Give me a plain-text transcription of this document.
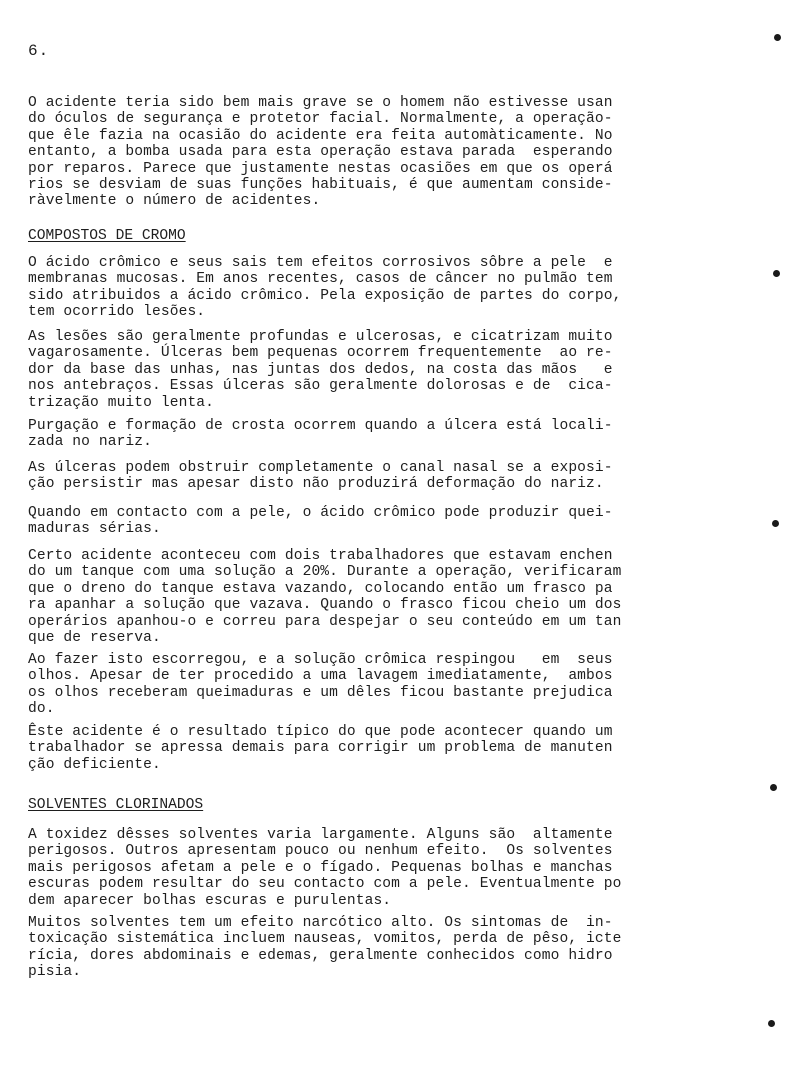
6.
O acidente teria sido bem mais grave se o homem não estivesse usan
do óculos de segurança e protetor facial. Normalmente, a operação-
que êle fazia na ocasião do acidente era feita automàticamente. No
entanto, a bomba usada para esta operação estava parada  esperando
por reparos. Parece que justamente nestas ocasiões em que os operá
rios se desviam de suas funções habituais, é que aumentam conside-
ràvelmente o número de acidentes.
COMPOSTOS DE CROMO
O ácido crômico e seus sais tem efeitos corrosivos sôbre a pele  e
membranas mucosas. Em anos recentes, casos de câncer no pulmão tem
sido atribuidos a ácido crômico. Pela exposição de partes do corpo,
tem ocorrido lesões.
As lesões são geralmente profundas e ulcerosas, e cicatrizam muito
vagarosamente. Úlceras bem pequenas ocorrem frequentemente  ao re-
dor da base das unhas, nas juntas dos dedos, na costa das mãos   e
nos antebraços. Essas úlceras são geralmente dolorosas e de  cica-
trização muito lenta.
Purgação e formação de crosta ocorrem quando a úlcera está locali-
zada no nariz.
As úlceras podem obstruir completamente o canal nasal se a exposi-
ção persistir mas apesar disto não produzirá deformação do nariz.
Quando em contacto com a pele, o ácido crômico pode produzir quei-
maduras sérias.
Certo acidente aconteceu com dois trabalhadores que estavam enchen
do um tanque com uma solução a 20%. Durante a operação, verificaram
que o dreno do tanque estava vazando, colocando então um frasco pa
ra apanhar a solução que vazava. Quando o frasco ficou cheio um dos
operários apanhou-o e correu para despejar o seu conteúdo em um tan
que de reserva.
Ao fazer isto escorregou, e a solução crômica respingou   em  seus
olhos. Apesar de ter procedido a uma lavagem imediatamente,  ambos
os olhos receberam queimaduras e um dêles ficou bastante prejudica
do.
Êste acidente é o resultado típico do que pode acontecer quando um
trabalhador se apressa demais para corrigir um problema de manuten
ção deficiente.
SOLVENTES CLORINADOS
A toxidez dêsses solventes varia largamente. Alguns são  altamente
perigosos. Outros apresentam pouco ou nenhum efeito.  Os solventes
mais perigosos afetam a pele e o fígado. Pequenas bolhas e manchas
escuras podem resultar do seu contacto com a pele. Eventualmente po
dem aparecer bolhas escuras e purulentas.
Muitos solventes tem um efeito narcótico alto. Os sintomas de  in-
toxicação sistemática incluem nauseas, vomitos, perda de pêso, icte
rícia, dores abdominais e edemas, geralmente conhecidos como hidro
pisia.
